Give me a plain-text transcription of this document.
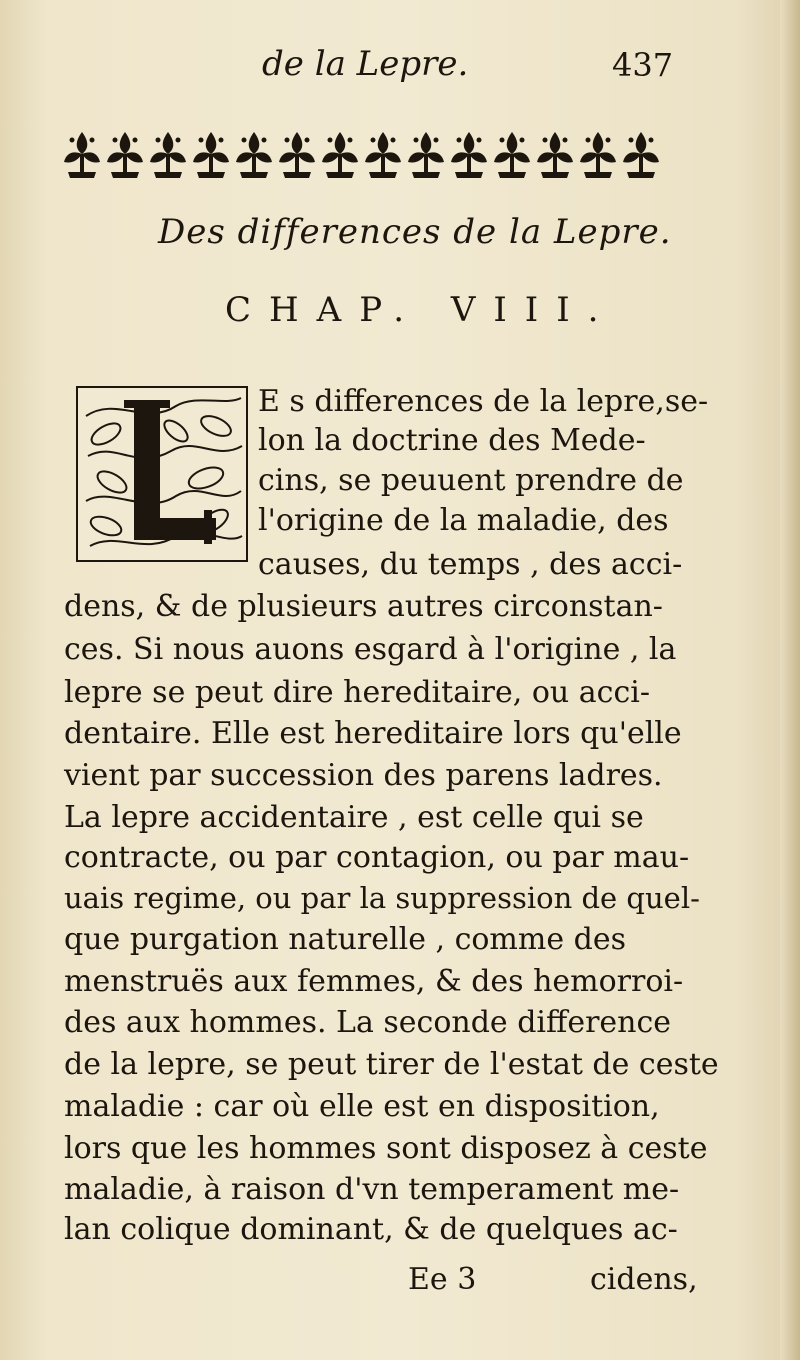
de la Lepre.	437
Des differences de la Lepre.
CHAP. VIII.
E s differences de la lepre,se-
lon la doctrine des Mede-
cins, se peuuent prendre de
l'origine de la maladie, des
causes, du temps , des acci-
dens, & de plusieurs autres circonstan-
ces. Si nous auons esgard à l'origine , la
lepre se peut dire hereditaire, ou acci-
dentaire. Elle est hereditaire lors qu'elle
vient par succession des parens ladres.
La lepre accidentaire , est celle qui se
contracte, ou par contagion, ou par mau-
uais regime, ou par la suppression de quel-
que purgation naturelle , comme des
menstruës aux femmes, & des hemorroi-
des aux hommes. La seconde difference
de la lepre, se peut tirer de l'estat de ceste
maladie : car où elle est en disposition,
lors que les hommes sont disposez à ceste
maladie, à raison d'vn temperament me-
lan colique dominant, & de quelques ac-
Ee 3	cidens,
